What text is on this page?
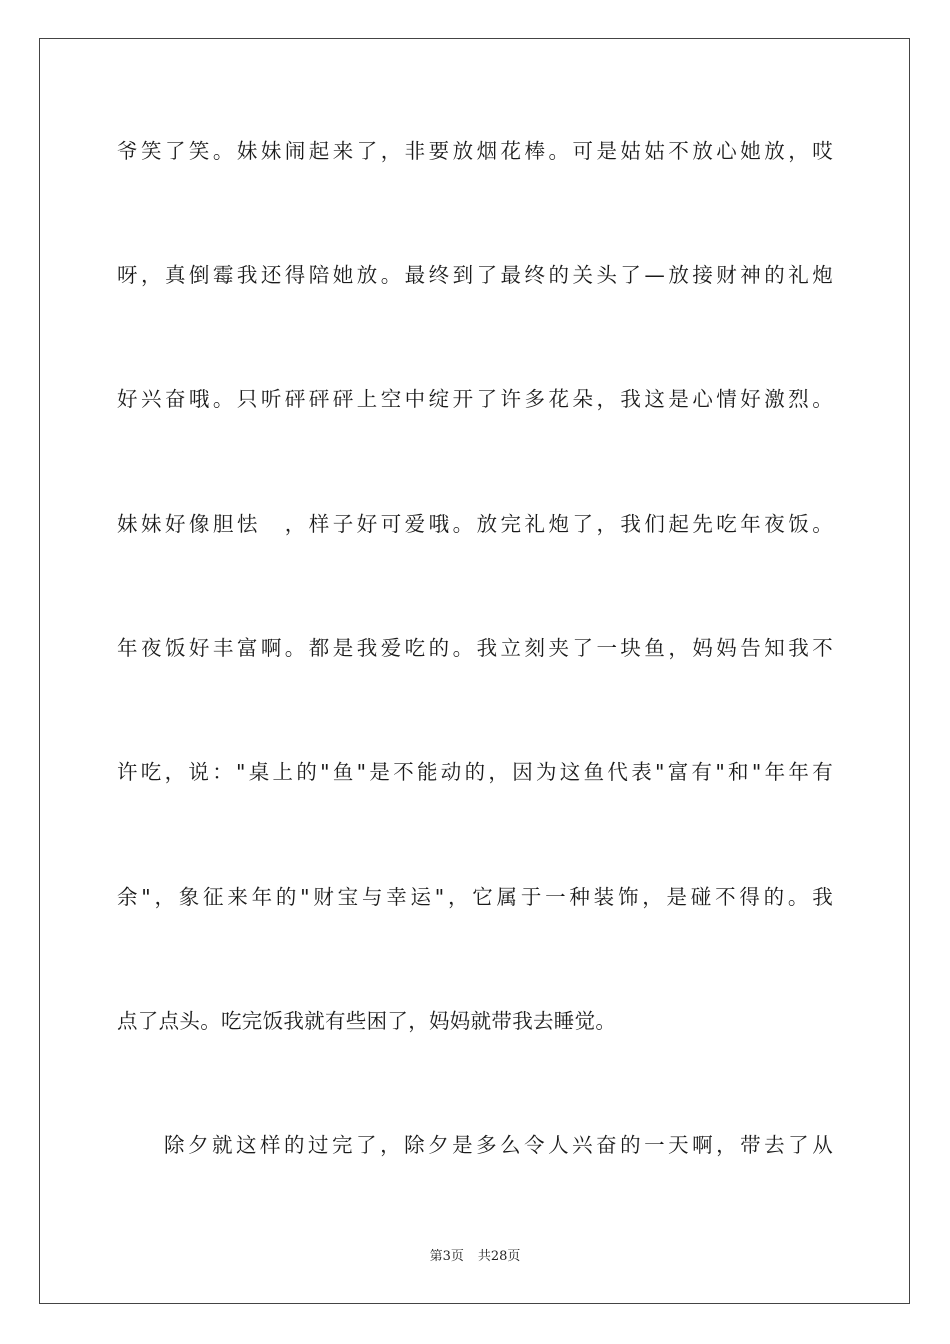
爷笑了笑。妹妹闹起来了，非要放烟花棒。可是姑姑不放心她放，哎
呀，真倒霉我还得陪她放。最终到了最终的关头了—放接财神的礼炮
好兴奋哦。只听砰砰砰上空中绽开了许多花朵，我这是心情好激烈。
妹妹好像胆怯　，样子好可爱哦。放完礼炮了，我们起先吃年夜饭。
年夜饭好丰富啊。都是我爱吃的。我立刻夹了一块鱼，妈妈告知我不
许吃，说："桌上的"鱼"是不能动的，因为这鱼代表"富有"和"年年有
余"，象征来年的"财宝与幸运"，它属于一种装饰，是碰不得的。我
点了点头。吃完饭我就有些困了，妈妈就带我去睡觉。
除夕就这样的过完了，除夕是多么令人兴奋的一天啊，带去了从
第3页 共28页
